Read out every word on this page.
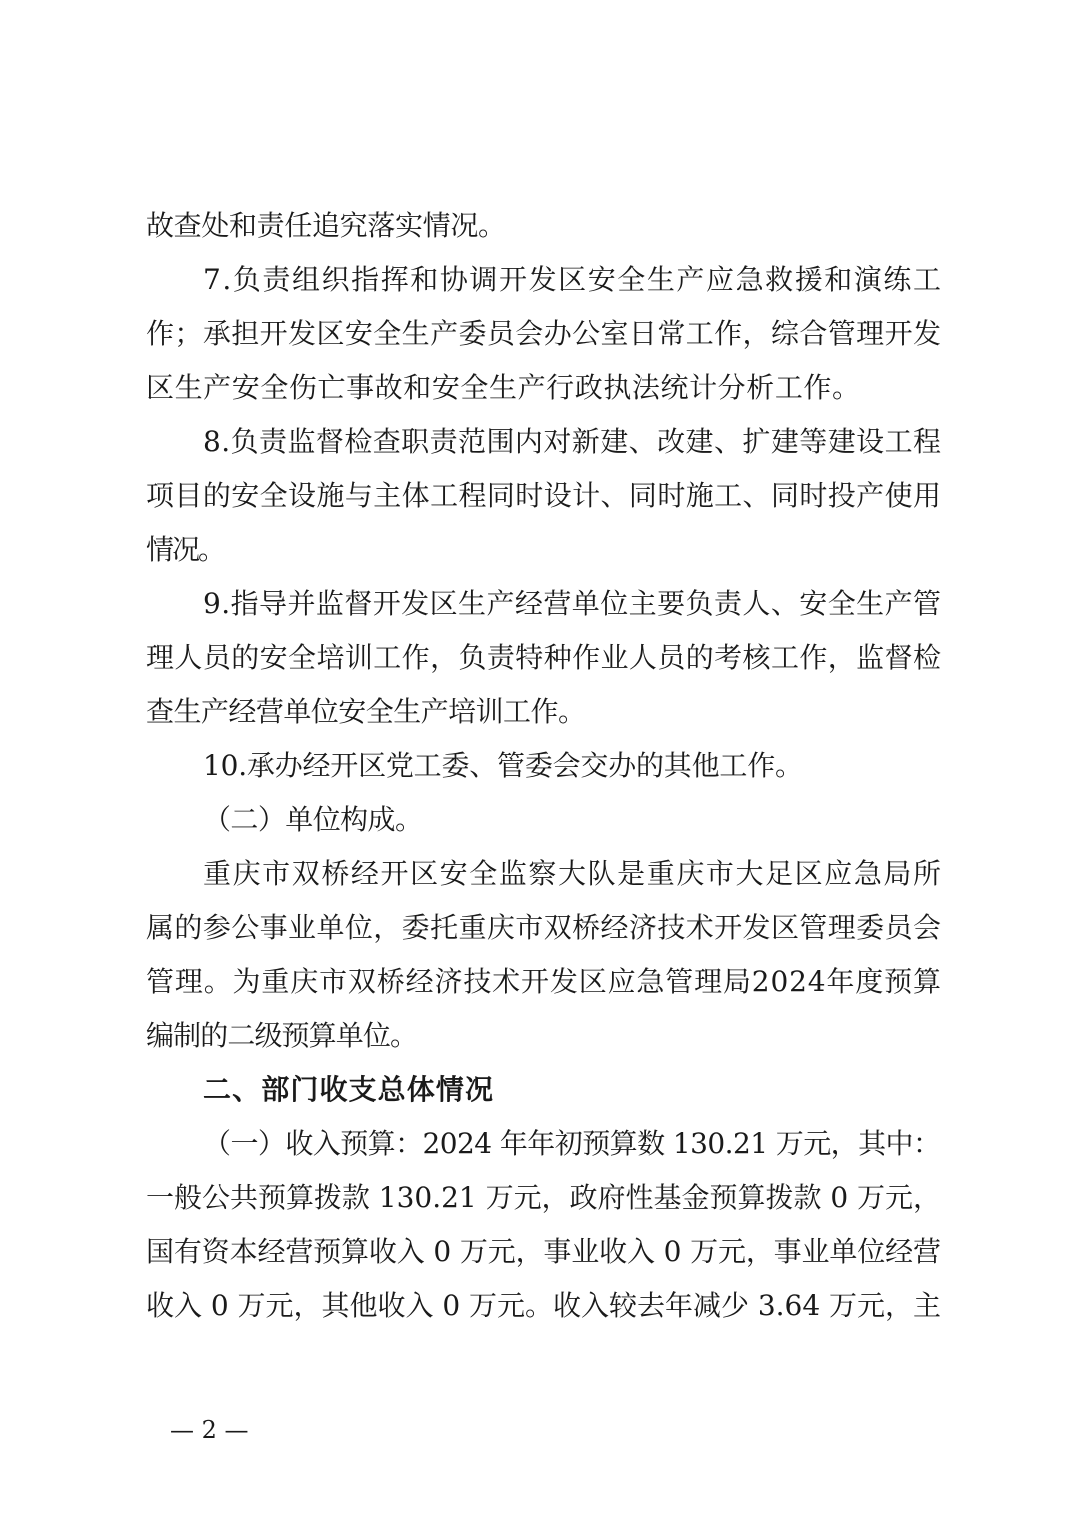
故查处和责任追究落实情况。
7.负责组织指挥和协调开发区安全生产应急救援和演练工
作；承担开发区安全生产委员会办公室日常工作，综合管理开发
区生产安全伤亡事故和安全生产行政执法统计分析工作。
8.负责监督检查职责范围内对新建、改建、扩建等建设工程
项目的安全设施与主体工程同时设计、同时施工、同时投产使用
情况。
9.指导并监督开发区生产经营单位主要负责人、安全生产管
理人员的安全培训工作，负责特种作业人员的考核工作，监督检
查生产经营单位安全生产培训工作。
10.承办经开区党工委、管委会交办的其他工作。
（二）单位构成。
重庆市双桥经开区安全监察大队是重庆市大足区应急局所
属的参公事业单位，委托重庆市双桥经济技术开发区管理委员会
管理。为重庆市双桥经济技术开发区应急管理局2024年度预算
编制的二级预算单位。
二、部门收支总体情况
（一）收入预算：2024 年年初预算数 130.21 万元，其中：
一般公共预算拨款 130.21 万元，政府性基金预算拨款 0 万元，
国有资本经营预算收入 0 万元，事业收入 0 万元，事业单位经营
收入 0 万元，其他收入 0 万元。收入较去年减少 3.64 万元，主
— 2 —
